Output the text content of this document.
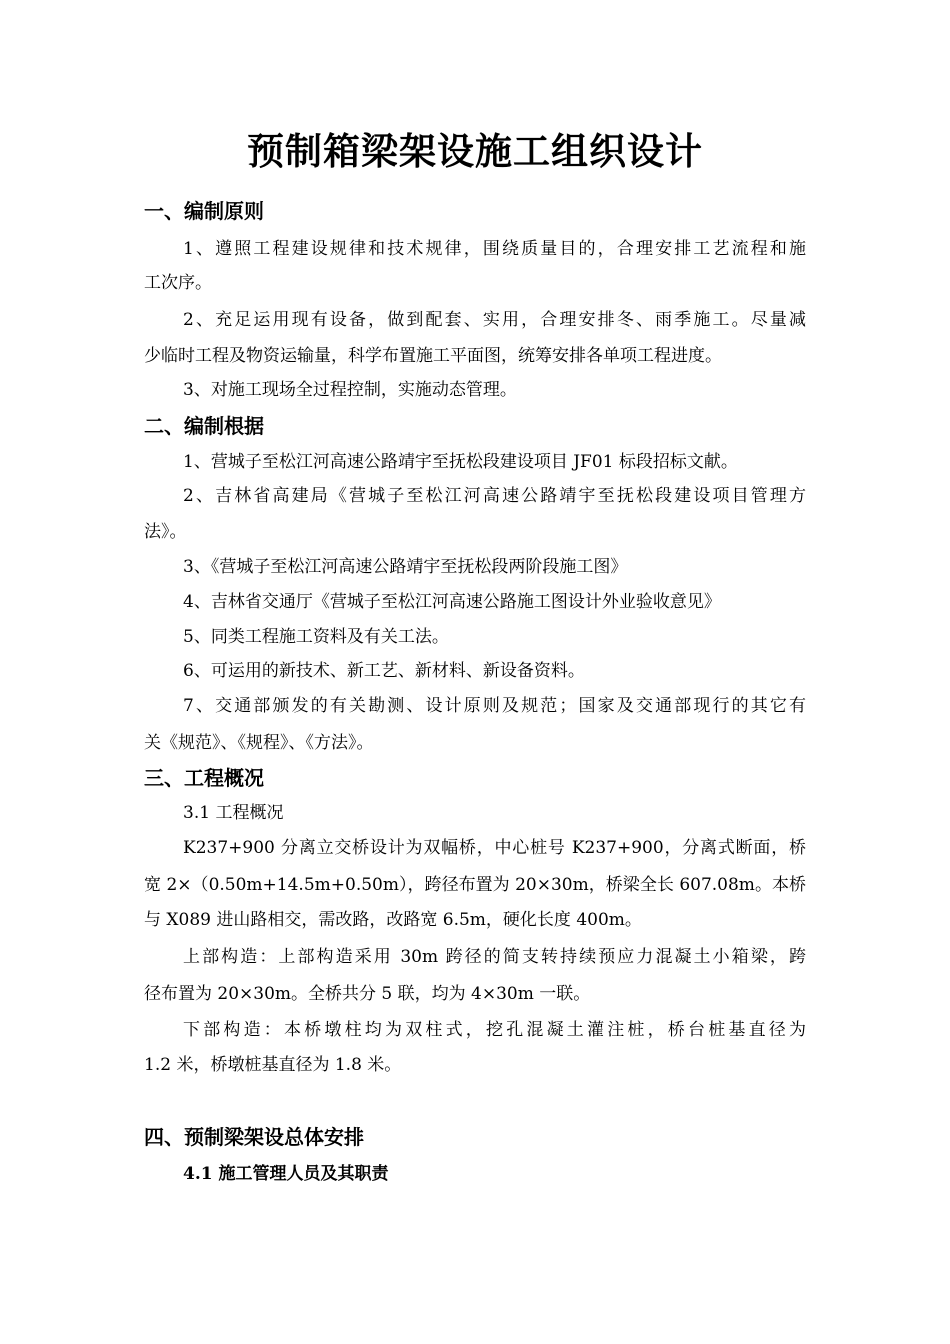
预制箱梁架设施工组织设计
一、编制原则
1、遵照工程建设规律和技术规律，围绕质量目的，合理安排工艺流程和施
工次序。
2、充足运用现有设备，做到配套、实用，合理安排冬、雨季施工。尽量减
少临时工程及物资运输量，科学布置施工平面图，统筹安排各单项工程进度。
3、对施工现场全过程控制，实施动态管理。
二、编制根据
1、营城子至松江河高速公路靖宇至抚松段建设项目 JF01 标段招标文献。
2、吉林省高建局《营城子至松江河高速公路靖宇至抚松段建设项目管理方
法》。
3、《营城子至松江河高速公路靖宇至抚松段两阶段施工图》
4、吉林省交通厅《营城子至松江河高速公路施工图设计外业验收意见》
5、同类工程施工资料及有关工法。
6、可运用的新技术、新工艺、新材料、新设备资料。
7、交通部颁发的有关勘测、设计原则及规范；国家及交通部现行的其它有
关《规范》、《规程》、《方法》。
三、工程概况
3.1 工程概况
K237+900 分离立交桥设计为双幅桥，中心桩号 K237+900，分离式断面，桥
宽 2×（0.50m+14.5m+0.50m），跨径布置为 20×30m，桥梁全长 607.08m。本桥
与 X089 进山路相交，需改路，改路宽 6.5m，硬化长度 400m。
上部构造：上部构造采用 30m 跨径的简支转持续预应力混凝土小箱梁，跨
径布置为 20×30m。全桥共分 5 联，均为 4×30m 一联。
下部构造：本桥墩柱均为双柱式，挖孔混凝土灌注桩，桥台桩基直径为
1.2 米，桥墩桩基直径为 1.8 米。
四、预制梁架设总体安排
4.1 施工管理人员及其职责
